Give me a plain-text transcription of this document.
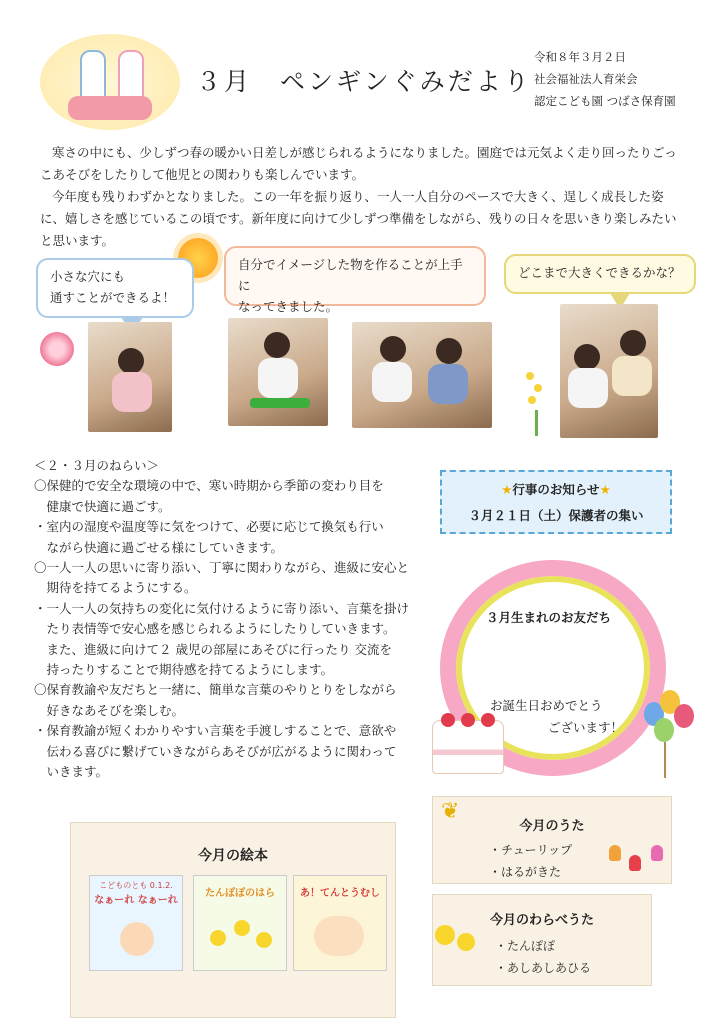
３月　ペンギンぐみだより
令和８年３月２日
社会福祉法人育栄会
認定こども園 つばさ保育園

寒さの中にも、少しずつ春の暖かい日差しが感じられるようになりました。園庭では元気よく走り回ったりごっこあそびをしたりして他児との関わりも楽しんでいます。

今年度も残りわずかとなりました。この一年を振り返り、一人一人自分のペースで大きく、逞しく成長した姿に、嬉しさを感じているこの頃です。新年度に向けて少しずつ準備をしながら、残りの日々を思いきり楽しみたいと思います。

小さな穴にも
通すことができるよ！
自分でイメージした物を作ることが上手に
なってきました。
どこまで大きくできるかな？
＜２・３月のねらい＞
〇保健的で安全な環境の中で、寒い時期から季節の変わり目を
　健康で快適に過ごす。
・室内の湿度や温度等に気をつけて、必要に応じて換気も行い
　ながら快適に過ごせる様にしていきます。
〇一人一人の思いに寄り添い、丁寧に関わりながら、進級に安心と
　期待を持てるようにする。
・一人一人の気持ちの変化に気付けるように寄り添い、言葉を掛け
　たり表情等で安心感を感じられるようにしたりしていきます。
　また、進級に向けて２ 歳児の部屋にあそびに行ったり 交流を
　持ったりすることで期待感を持てるようにします。
〇保育教諭や友だちと一緒に、簡単な言葉のやりとりをしながら
　好きなあそびを楽しむ。
・保育教諭が短くわかりやすい言葉を手渡しすることで、意欲や
　伝わる喜びに繋げていきながらあそびが広がるように関わって
　いきます。
★行事のお知らせ★
３月２１日（土）保護者の集い
３月生まれのお友だち
お誕生日おめでとう
ございます！
今月の絵本
こどものとも 0.1.2.
なぁーれ なぁーれ
たんぽぽのはら	あ！てんとうむし
❦
今月のうた
・チューリップ
・はるがきた
今月のわらべうた
・たんぽぽ
・あしあしあひる
